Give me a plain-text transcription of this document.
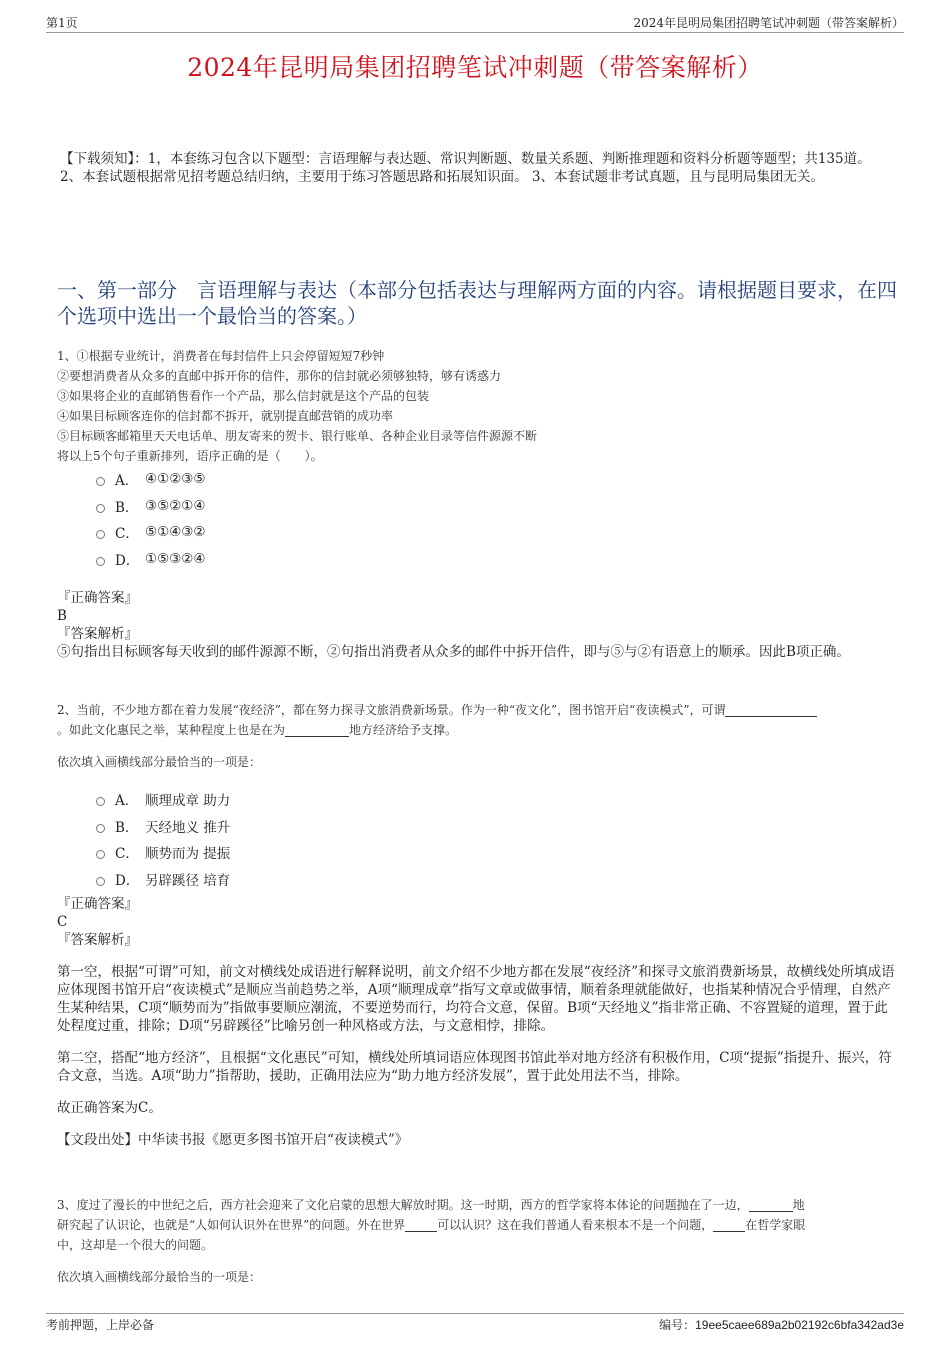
第1页	2024年昆明局集团招聘笔试冲刺题（带答案解析）
2024年昆明局集团招聘笔试冲刺题（带答案解析）
【下载须知】：1，本套练习包含以下题型：言语理解与表达题、常识判断题、数量关系题、判断推理题和资料分析题等题型；共135道。 2、本套试题根据常见招考题总结归纳，主要用于练习答题思路和拓展知识面。 3、本套试题非考试真题，且与昆明局集团无关。
一、第一部分　言语理解与表达（本部分包括表达与理解两方面的内容。请根据题目要求，在四个选项中选出一个最恰当的答案。）
1、①根据专业统计，消费者在每封信件上只会停留短短7秒钟
②要想消费者从众多的直邮中拆开你的信件，那你的信封就必须够独特，够有诱惑力
③如果将企业的直邮销售看作一个产品，那么信封就是这个产品的包装
④如果目标顾客连你的信封都不拆开，就别提直邮营销的成功率
⑤目标顾客邮箱里天天电话单、朋友寄来的贺卡、银行账单、各种企业目录等信件源源不断
将以上5个句子重新排列，语序正确的是（　　）。
A． ④①②③⑤
B． ③⑤②①④
C． ⑤①④③②
D． ①⑤③②④

『正确答案』

B

『答案解析』

⑤句指出目标顾客每天收到的邮件源源不断，②句指出消费者从众多的邮件中拆开信件，即与⑤与②有语意上的顺承。因此B项正确。

2、当前，不少地方都在着力发展“夜经济”，都在努力探寻文旅消费新场景。作为一种“夜文化”，图书馆开启“夜读模式”，可谓
。如此文化惠民之举，某种程度上也是在为	地方经济给予支撑。
依次填入画横线部分最恰当的一项是：
A． 顺理成章 助力
B． 天经地义 推升
C． 顺势而为 提振
D． 另辟蹊径 培育

『正确答案』

C

『答案解析』

第一空，根据“可谓”可知，前文对横线处成语进行解释说明，前文介绍不少地方都在发展“夜经济”和探寻文旅消费新场景，故横线处所填成语应体现图书馆开启“夜读模式”是顺应当前趋势之举，A项“顺理成章”指写文章或做事情，顺着条理就能做好，也指某种情况合乎情理，自然产生某种结果，C项“顺势而为”指做事要顺应潮流，不要逆势而行，均符合文意，保留。B项“天经地义”指非常正确、不容置疑的道理，置于此处程度过重，排除；D项“另辟蹊径”比喻另创一种风格或方法，与文意相悖，排除。

第二空，搭配“地方经济”，且根据“文化惠民”可知，横线处所填词语应体现图书馆此举对地方经济有积极作用，C项“提振”指提升、振兴，符合文意，当选。A项“助力”指帮助，援助，正确用法应为“助力地方经济发展”，置于此处用法不当，排除。

故正确答案为C。

【文段出处】中华读书报《愿更多图书馆开启“夜读模式”》

3、度过了漫长的中世纪之后，西方社会迎来了文化启蒙的思想大解放时期。这一时期，西方的哲学家将本体论的问题抛在了一边，	地
研究起了认识论，也就是“人如何认识外在世界”的问题。外在世界	可以认识？这在我们普通人看来根本不是一个问题，	在哲学家眼
中，这却是一个很大的问题。
依次填入画横线部分最恰当的一项是：
考前押题，上岸必备	编号：19ee5caee689a2b02192c6bfa342ad3e
